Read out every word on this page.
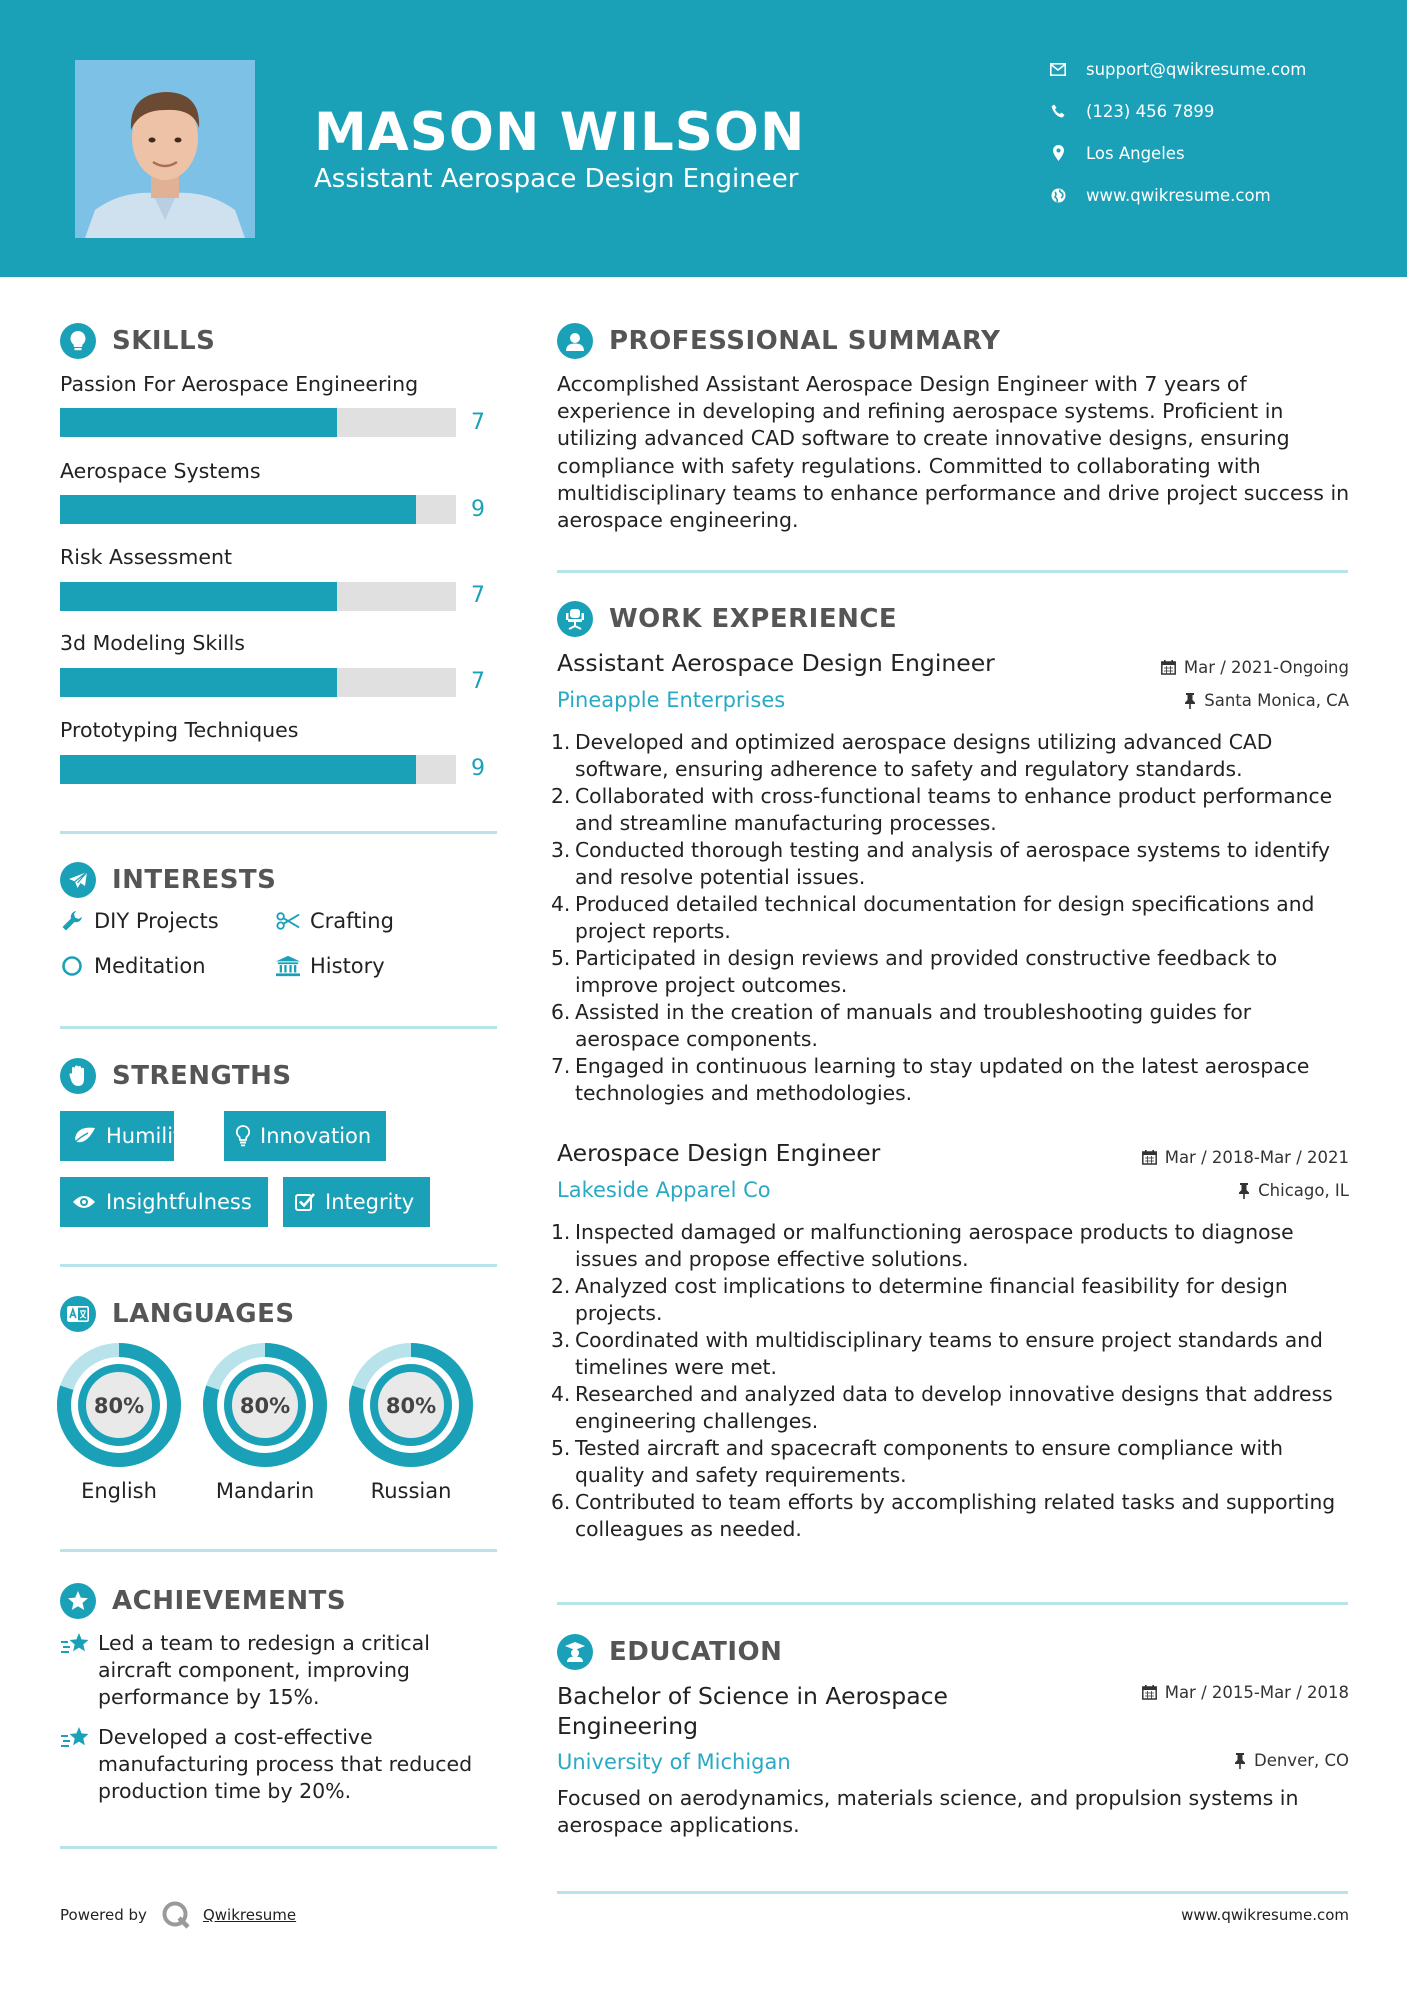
MASON WILSON
Assistant Aerospace Design Engineer
support@qwikresume.com
(123) 456 7899
Los Angeles
www.qwikresume.com
SKILLS
Passion For Aerospace Engineering
7
Aerospace Systems
9
Risk Assessment
7
3d Modeling Skills
7
Prototyping Techniques
9
INTERESTS
DIY Projects	Crafting
Meditation	History
STRENGTHS
Humility	Innovation
Insightfulness	Integrity
LANGUAGES
80%
English
80%
Mandarin
80%
Russian
ACHIEVEMENTS
Led a team to redesign a critical aircraft component, improving performance by 15%.
Developed a cost-effective manufacturing process that reduced production time by 20%.
PROFESSIONAL SUMMARY
Accomplished Assistant Aerospace Design Engineer with 7 years of experience in developing and refining aerospace systems. Proficient in utilizing advanced CAD software to create innovative designs, ensuring compliance with safety regulations. Committed to collaborating with multidisciplinary teams to enhance performance and drive project success in aerospace engineering.
WORK EXPERIENCE
Assistant Aerospace Design Engineer	Mar / 2021-Ongoing
Pineapple Enterprises	Santa Monica, CA
1. Developed and optimized aerospace designs utilizing advanced CAD software, ensuring adherence to safety and regulatory standards.
2. Collaborated with cross-functional teams to enhance product performance and streamline manufacturing processes.
3. Conducted thorough testing and analysis of aerospace systems to identify and resolve potential issues.
4. Produced detailed technical documentation for design specifications and project reports.
5. Participated in design reviews and provided constructive feedback to improve project outcomes.
6. Assisted in the creation of manuals and troubleshooting guides for aerospace components.
7. Engaged in continuous learning to stay updated on the latest aerospace technologies and methodologies.
Aerospace Design Engineer	Mar / 2018-Mar / 2021
Lakeside Apparel Co	Chicago, IL
1. Inspected damaged or malfunctioning aerospace products to diagnose issues and propose effective solutions.
2. Analyzed cost implications to determine financial feasibility for design projects.
3. Coordinated with multidisciplinary teams to ensure project standards and timelines were met.
4. Researched and analyzed data to develop innovative designs that address engineering challenges.
5. Tested aircraft and spacecraft components to ensure compliance with quality and safety requirements.
6. Contributed to team efforts by accomplishing related tasks and supporting colleagues as needed.
EDUCATION
Bachelor of Science in Aerospace Engineering
Mar / 2015-Mar / 2018
University of Michigan	Denver, CO
Focused on aerodynamics, materials science, and propulsion systems in aerospace applications.
Powered by	Qwikresume	www.qwikresume.com
